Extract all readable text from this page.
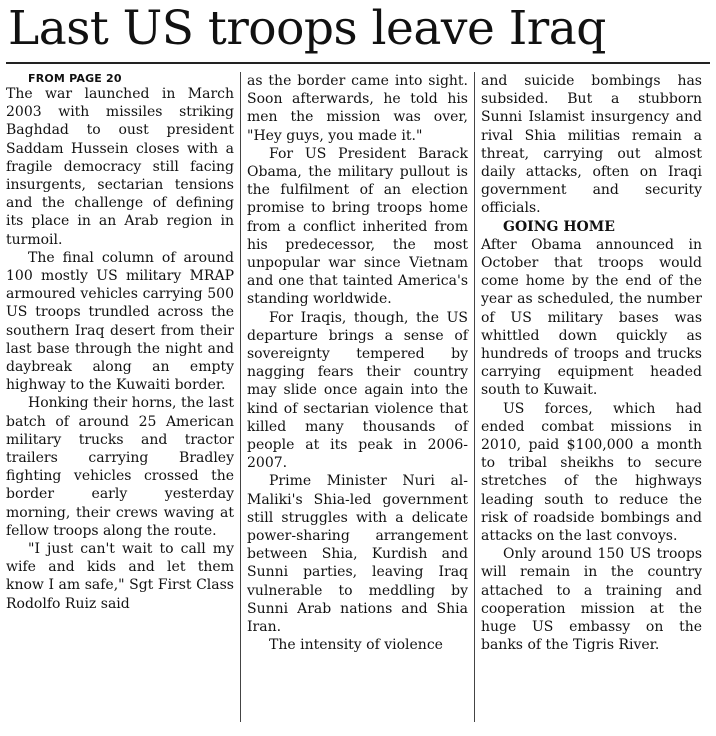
Last US troops leave Iraq

FROM PAGE 20

The war launched in March 2003 with missiles striking Baghdad to oust president Saddam Hussein closes with a fragile democracy still facing insurgents, sectarian tensions and the challenge of defining its place in an Arab region in turmoil.

The final column of around 100 mostly US military MRAP armoured vehicles carrying 500 US troops trundled across the southern Iraq desert from their last base through the night and daybreak along an empty highway to the Kuwaiti border.

Honking their horns, the last batch of around 25 American military trucks and tractor trailers carrying Bradley fighting vehicles crossed the border early yesterday morning, their crews waving at fellow troops along the route.

"I just can't wait to call my wife and kids and let them know I am safe," Sgt First Class Rodolfo Ruiz said

as the border came into sight. Soon afterwards, he told his men the mission was over, "Hey guys, you made it."

For US President Barack Obama, the military pullout is the fulfilment of an election promise to bring troops home from a conflict inherited from his predecessor, the most unpopular war since Vietnam and one that tainted America's standing worldwide.

For Iraqis, though, the US departure brings a sense of sovereignty tempered by nagging fears their country may slide once again into the kind of sectarian violence that killed many thousands of people at its peak in 2006-2007.

Prime Minister Nuri al-Maliki's Shia-led government still struggles with a delicate power-sharing arrangement between Shia, Kurdish and Sunni parties, leaving Iraq vulnerable to meddling by Sunni Arab nations and Shia Iran.

The intensity of violence

and suicide bombings has subsided. But a stubborn Sunni Islamist insurgency and rival Shia militias remain a threat, carrying out almost daily attacks, often on Iraqi government and security officials.

GOING HOME

After Obama announced in October that troops would come home by the end of the year as scheduled, the number of US military bases was whittled down quickly as hundreds of troops and trucks carrying equipment headed south to Kuwait.

US forces, which had ended combat missions in 2010, paid $100,000 a month to tribal sheikhs to secure stretches of the highways leading south to reduce the risk of roadside bombings and attacks on the last convoys.

Only around 150 US troops will remain in the country attached to a training and cooperation mission at the huge US embassy on the banks of the Tigris River.
